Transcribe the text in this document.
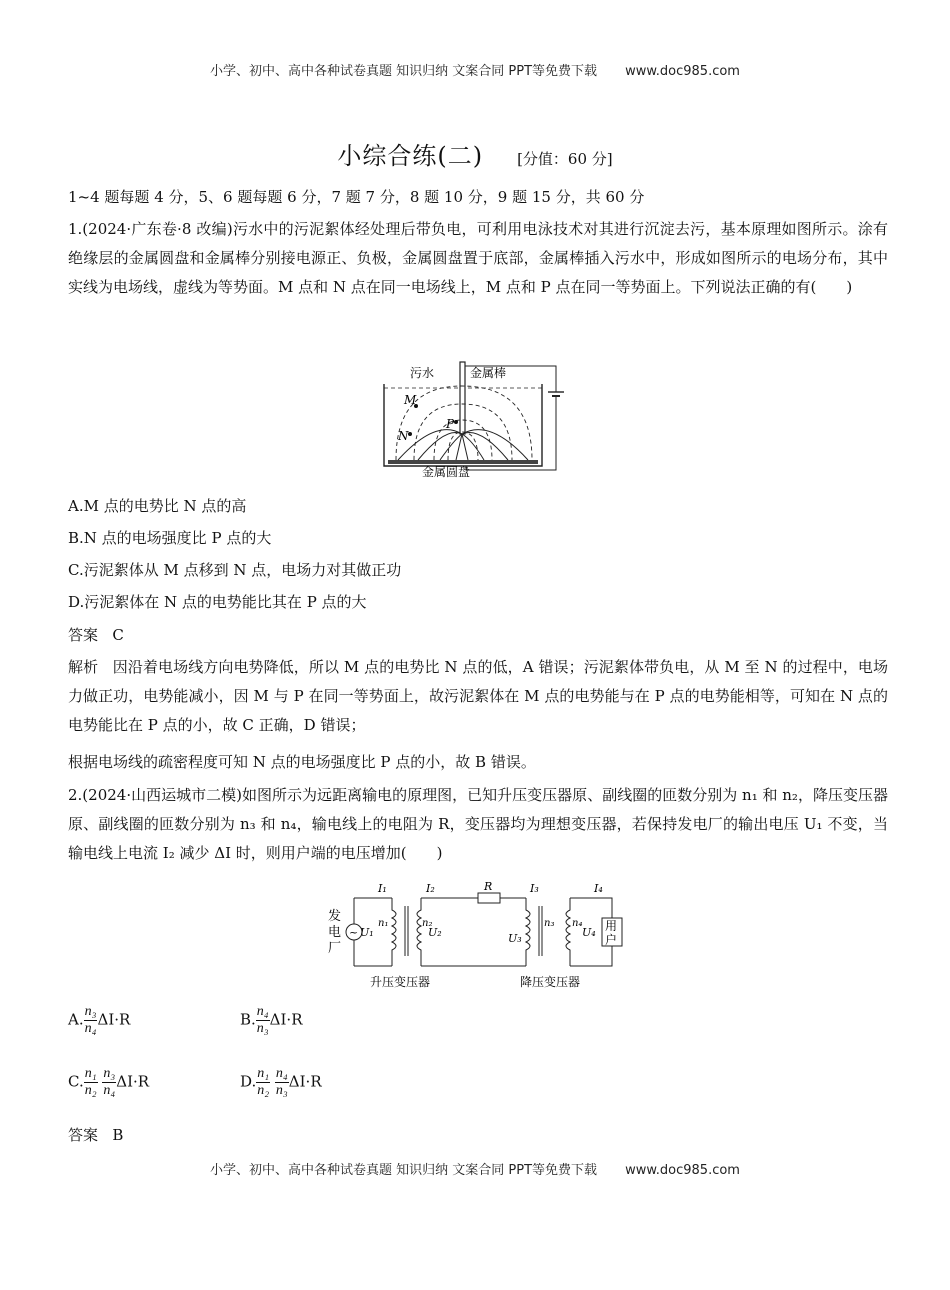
小学、初中、高中各种试卷真题 知识归纳 文案合同 PPT等免费下载 www.doc985.com
小综合练(二) [分值：60 分]
1~4 题每题 4 分，5、6 题每题 6 分，7 题 7 分，8 题 10 分，9 题 15 分，共 60 分
1.(2024·广东卷·8 改编)污水中的污泥絮体经处理后带负电，可利用电泳技术对其进行沉淀去污，基本原理如图所示。涂有绝缘层的金属圆盘和金属棒分别接电源正、负极，金属圆盘置于底部，金属棒插入污水中，形成如图所示的电场分布，其中实线为电场线，虚线为等势面。M 点和 N 点在同一电场线上，M 点和 P 点在同一等势面上。下列说法正确的有(　　)
污水	金属棒
金属圆盘
M
N
P
A.M 点的电势比 N 点的高
B.N 点的电场强度比 P 点的大
C.污泥絮体从 M 点移到 N 点，电场力对其做正功
D.污泥絮体在 N 点的电势能比其在 P 点的大
答案 C
解析 因沿着电场线方向电势降低，所以 M 点的电势比 N 点的低，A 错误；污泥絮体带负电，从 M 至 N 的过程中，电场力做正功，电势能减小，因 M 与 P 在同一等势面上，故污泥絮体在 M 点的电势能与在 P 点的电势能相等，可知在 N 点的电势能比在 P 点的小，故 C 正确，D 错误；
根据电场线的疏密程度可知 N 点的电场强度比 P 点的小，故 B 错误。
2.(2024·山西运城市二模)如图所示为远距离输电的原理图，已知升压变压器原、副线圈的匝数分别为 n₁ 和 n₂，降压变压器原、副线圈的匝数分别为 n₃ 和 n₄，输电线上的电阻为 R，变压器均为理想变压器，若保持发电厂的输出电压 U₁ 不变，当输电线上电流 I₂ 减少 ΔI 时，则用户端的电压增加(　　)
~
发
电
厂
用
户
R
I₁	I₂	I₃	I₄
U₁	U₂	U₃	U₄
n₁	n₂	n₃ n₄
升压变压器	降压变压器
A. $\frac{\text{n₃}}{\text{n₄}} \Delta I\cdot R$	B. $\frac{\text{n₄}}{\text{n₃}} \Delta I\cdot R$
C. $\frac{\text{n₁}}{\text{n₂}}$
$\frac{\text{n₃}}{\text{n₄}} \Delta I\cdot R$	D. $\frac{\text{n₁}}{\text{n₂}}$
$\frac{\text{n₄}}{\text{n₃}} \Delta I\cdot R$
答案 B
小学、初中、高中各种试卷真题 知识归纳 文案合同 PPT等免费下载 www.doc985.com
